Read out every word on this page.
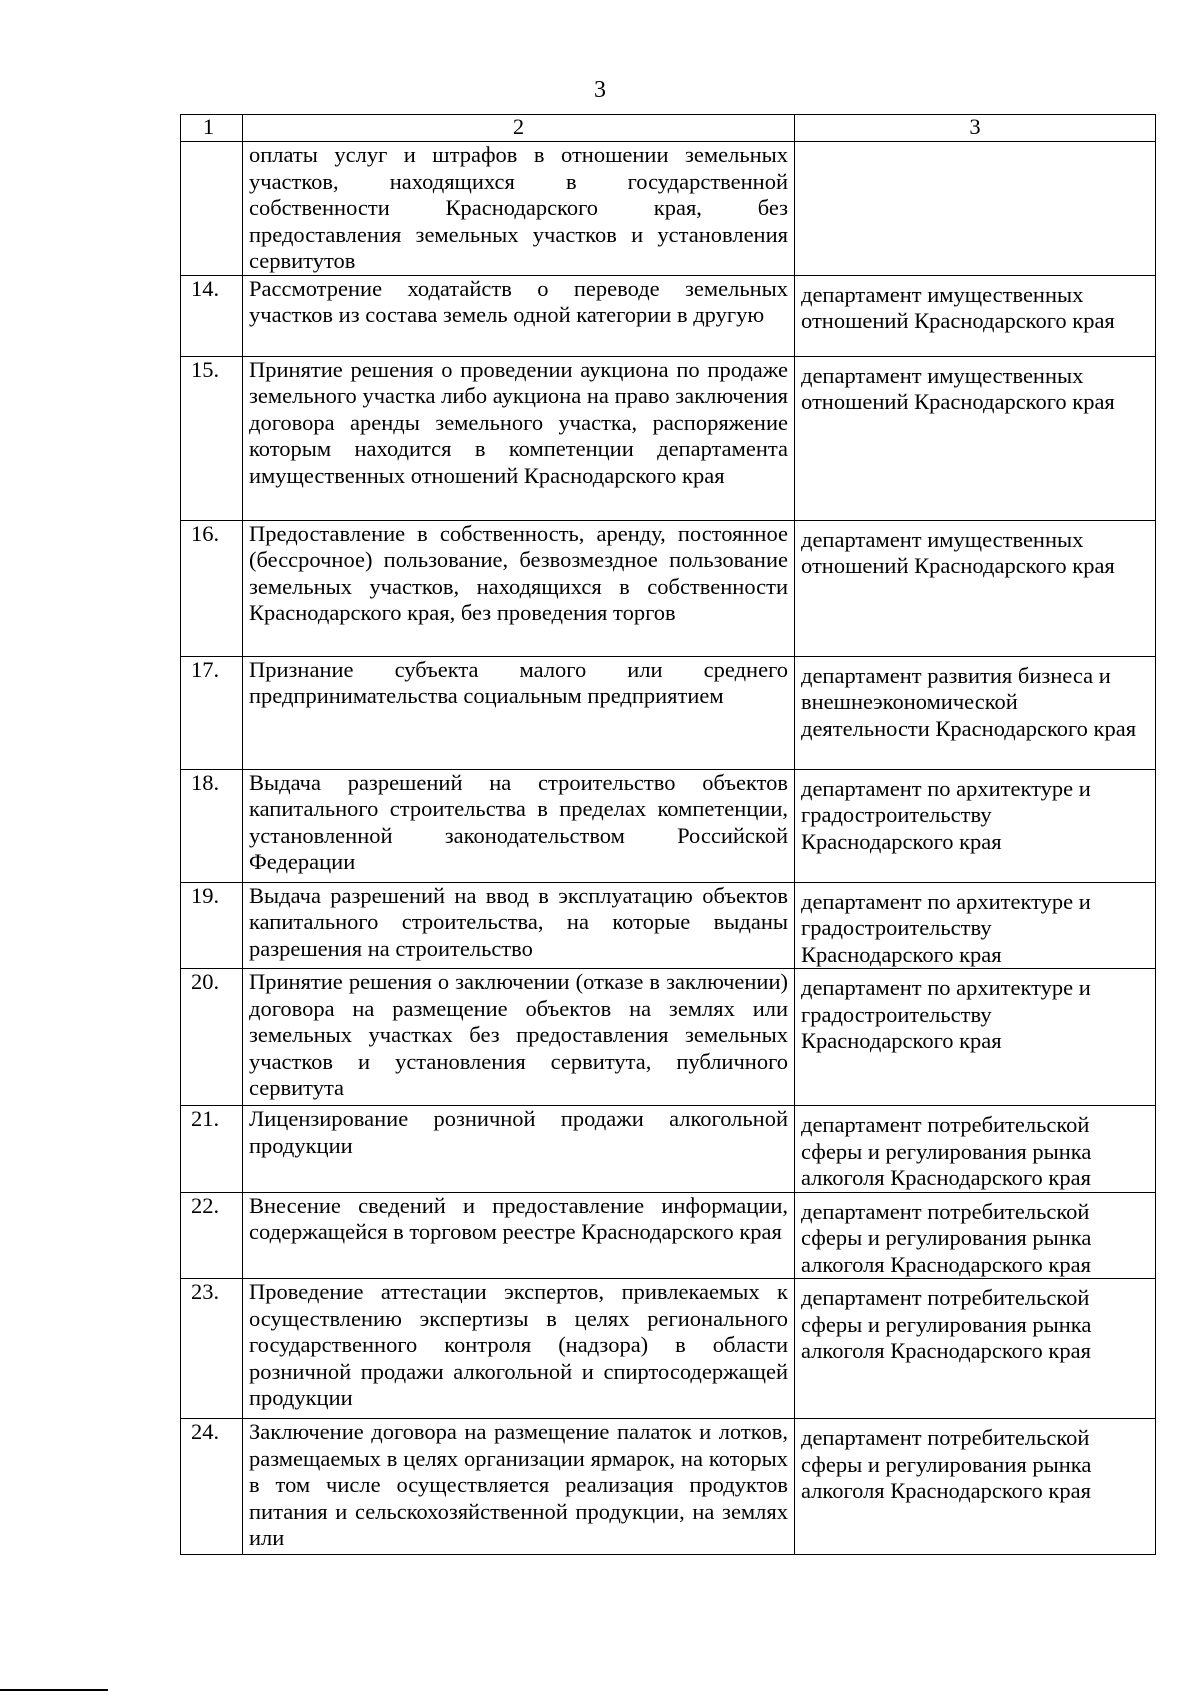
3
1	2	3

	оплаты услуг и штрафов в отношении земельных участков, находящихся в государственной собственности Краснодарского края, без предоставления земельных участков и установления сервитутов	

14.	Рассмотрение ходатайств о переводе земельных участков из состава земель одной категории в другую	департамент имущественных отношений Краснодарского края

15.	Принятие решения о проведении аукциона по продаже земельного участка либо аукциона на право заключения договора аренды земельного участка, распоряжение которым находится в компетенции департамента имущественных отношений Краснодарского края	департамент имущественных отношений Краснодарского края

16.	Предоставление в собственность, аренду, постоянное (бессрочное) пользование, безвозмездное пользование земельных участков, находящихся в собственности Краснодарского края, без проведения торгов	департамент имущественных отношений Краснодарского края

17.	Признание субъекта малого или среднего предпринимательства социальным предприятием	департамент развития бизнеса и внешнеэкономической деятельности Краснодарского края

18.	Выдача разрешений на строительство объектов капитального строительства в пределах компетенции, установленной законодательством Российской Федерации	департамент по архитектуре и градостроительству Краснодарского края

19.	Выдача разрешений на ввод в эксплуатацию объектов капитального строительства, на которые выданы разрешения на строительство	департамент по архитектуре и градостроительству Краснодарского края

20.	Принятие решения о заключении (отказе в заключении) договора на размещение объектов на землях или земельных участках без предоставления земельных участков и установления сервитута, публичного сервитута	департамент по архитектуре и градостроительству Краснодарского края

21.	Лицензирование розничной продажи алкогольной продукции	департамент потребительской сферы и регулирования рынка алкоголя Краснодарского края

22.	Внесение сведений и предоставление информации, содержащейся в торговом реестре Краснодарского края	департамент потребительской сферы и регулирования рынка алкоголя Краснодарского края

23.	Проведение аттестации экспертов, привлекаемых к осуществлению экспертизы в целях регионального государственного контроля (надзора) в области розничной продажи алкогольной и спиртосодержащей продукции	департамент потребительской сферы и регулирования рынка алкоголя Краснодарского края

24.	Заключение договора на размещение палаток и лотков, размещаемых в целях организации ярмарок, на которых в том числе осуществляется реализация продуктов питания и сельскохозяйственной продукции, на землях или	департамент потребительской сферы и регулирования рынка алкоголя Краснодарского края
